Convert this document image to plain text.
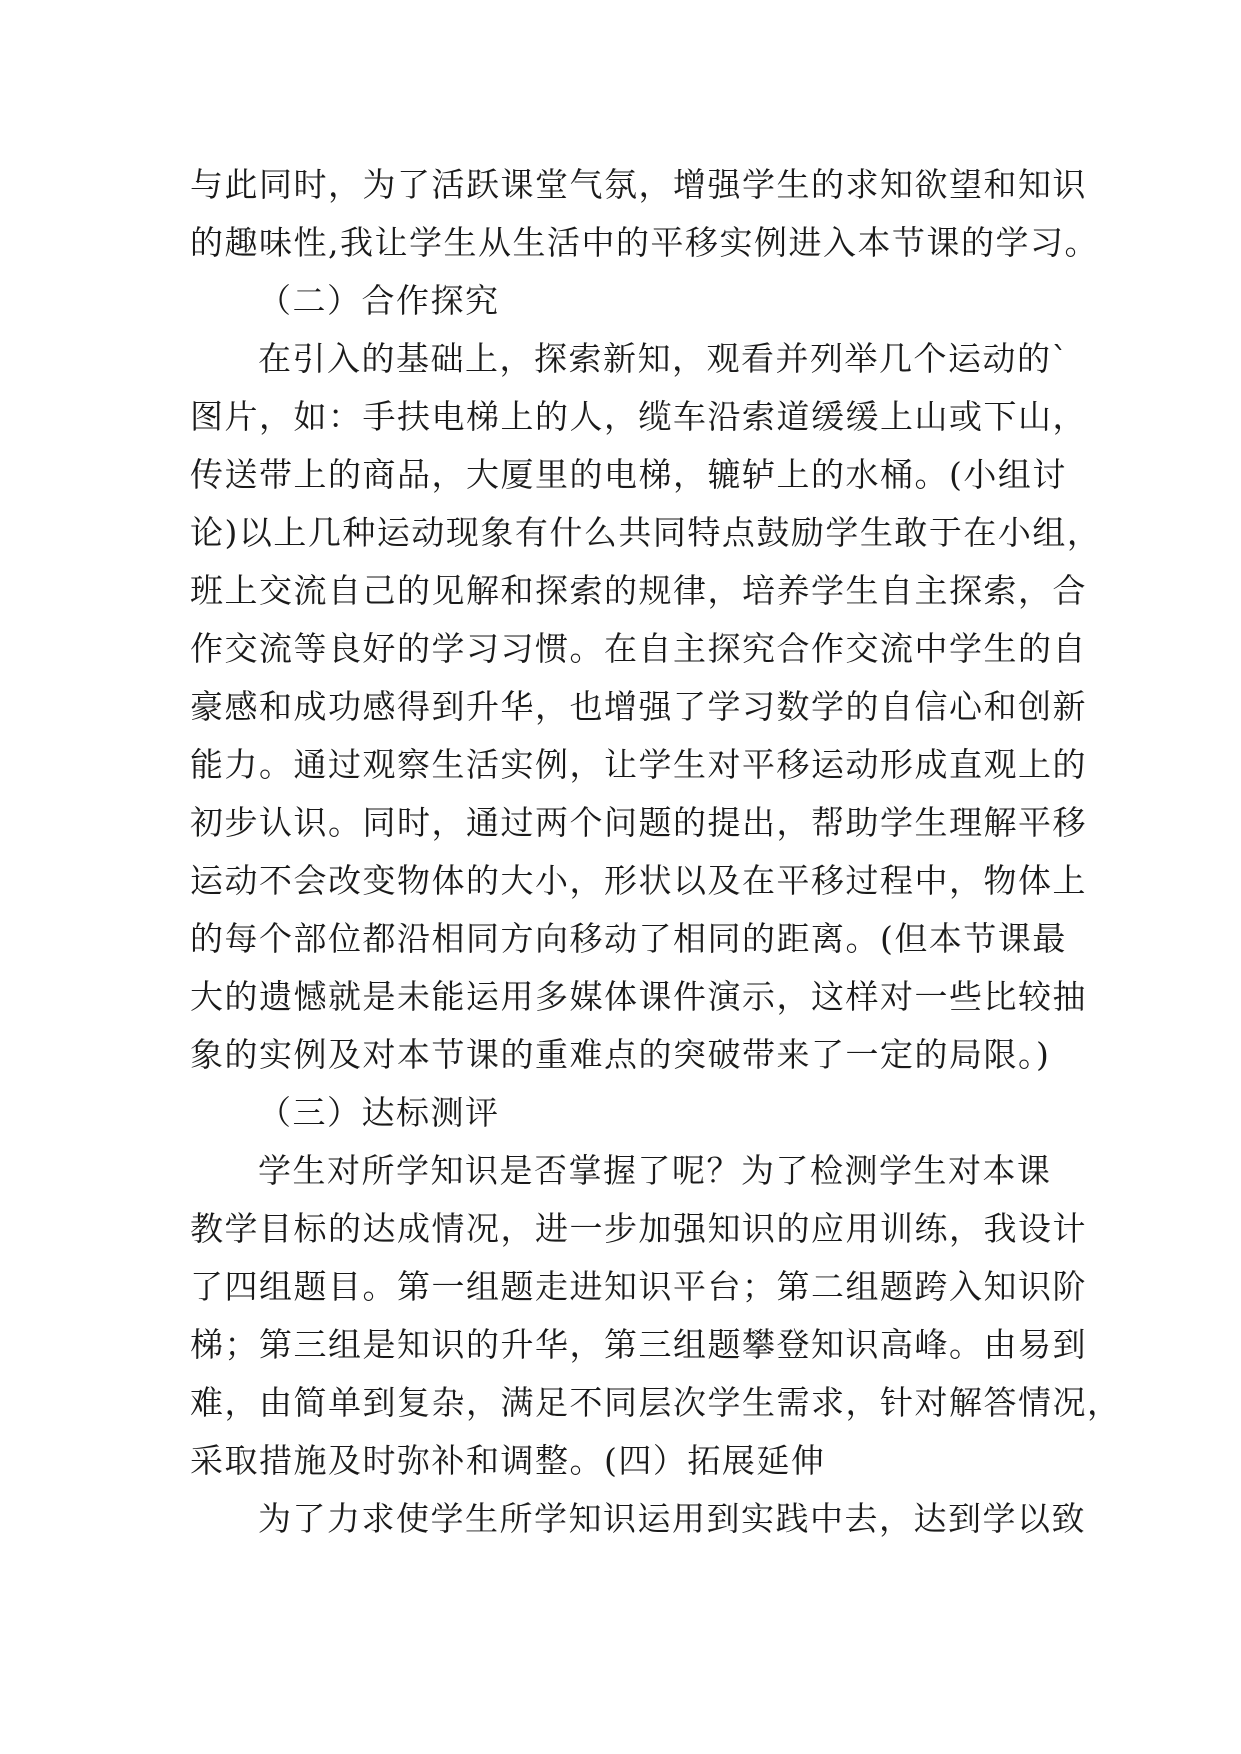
与此同时，为了活跃课堂气氛，增强学生的求知欲望和知识
的趣味性,我让学生从生活中的平移实例进入本节课的学习。
（二）合作探究
在引入的基础上，探索新知，观看并列举几个运动的`
图片，如：手扶电梯上的人，缆车沿索道缓缓上山或下山，
传送带上的商品，大厦里的电梯，辘轳上的水桶。(小组讨
论)以上几种运动现象有什么共同特点鼓励学生敢于在小组，
班上交流自己的见解和探索的规律，培养学生自主探索，合
作交流等良好的学习习惯。在自主探究合作交流中学生的自
豪感和成功感得到升华，也增强了学习数学的自信心和创新
能力。通过观察生活实例，让学生对平移运动形成直观上的
初步认识。同时，通过两个问题的提出，帮助学生理解平移
运动不会改变物体的大小，形状以及在平移过程中，物体上
的每个部位都沿相同方向移动了相同的距离。(但本节课最
大的遗憾就是未能运用多媒体课件演示，这样对一些比较抽
象的实例及对本节课的重难点的突破带来了一定的局限。)
（三）达标测评
学生对所学知识是否掌握了呢？为了检测学生对本课
教学目标的达成情况，进一步加强知识的应用训练，我设计
了四组题目。第一组题走进知识平台；第二组题跨入知识阶
梯；第三组是知识的升华，第三组题攀登知识高峰。由易到
难，由简单到复杂，满足不同层次学生需求，针对解答情况，
采取措施及时弥补和调整。(四）拓展延伸
为了力求使学生所学知识运用到实践中去，达到学以致
